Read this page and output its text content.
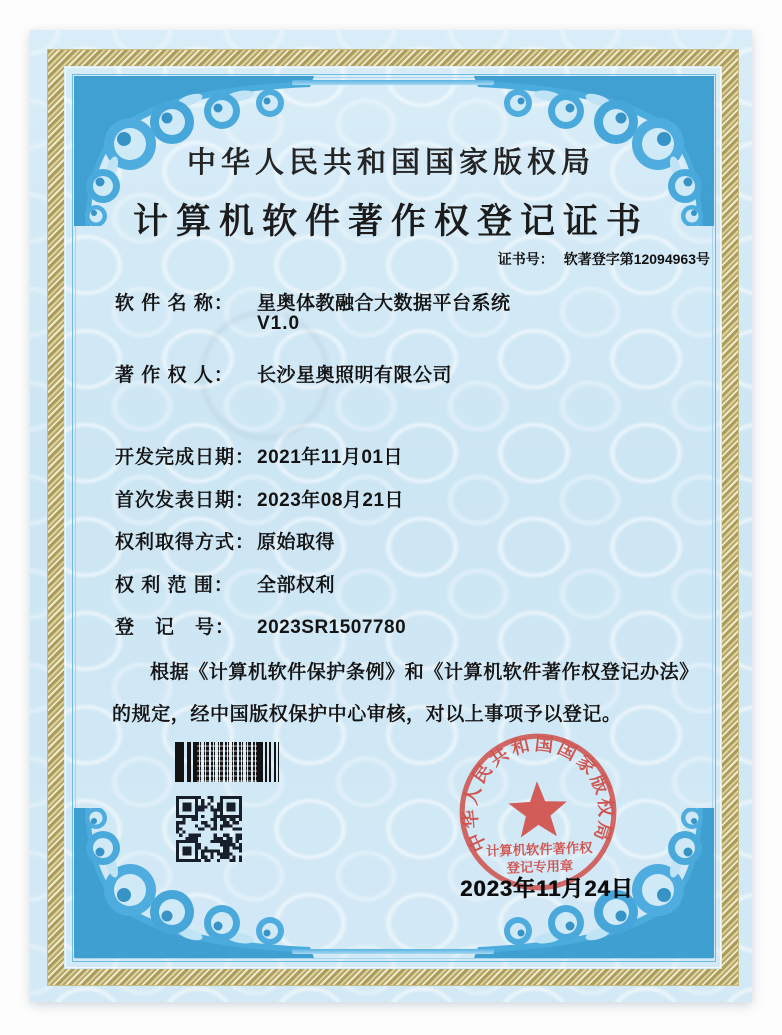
中华人民共和国国家版权局
计算机软件著作权登记证书
证书号： 软著登字第12094963号
软 件 名 称： 星奥体教融合大数据平台系统
V1.0
著 作 权 人： 长沙星奥照明有限公司
开发完成日期： 2021年11月01日
首次发表日期： 2023年08月21日
权利取得方式： 原始取得
权 利 范 围： 全部权利
登　记　号： 2023SR1507780
根据《计算机软件保护条例》和《计算机软件著作权登记办法》的规定，经中国版权保护中心审核，对以上事项予以登记。
中华人民共和国国家版权局
计算机软件著作权
登记专用章
2023年11月24日
